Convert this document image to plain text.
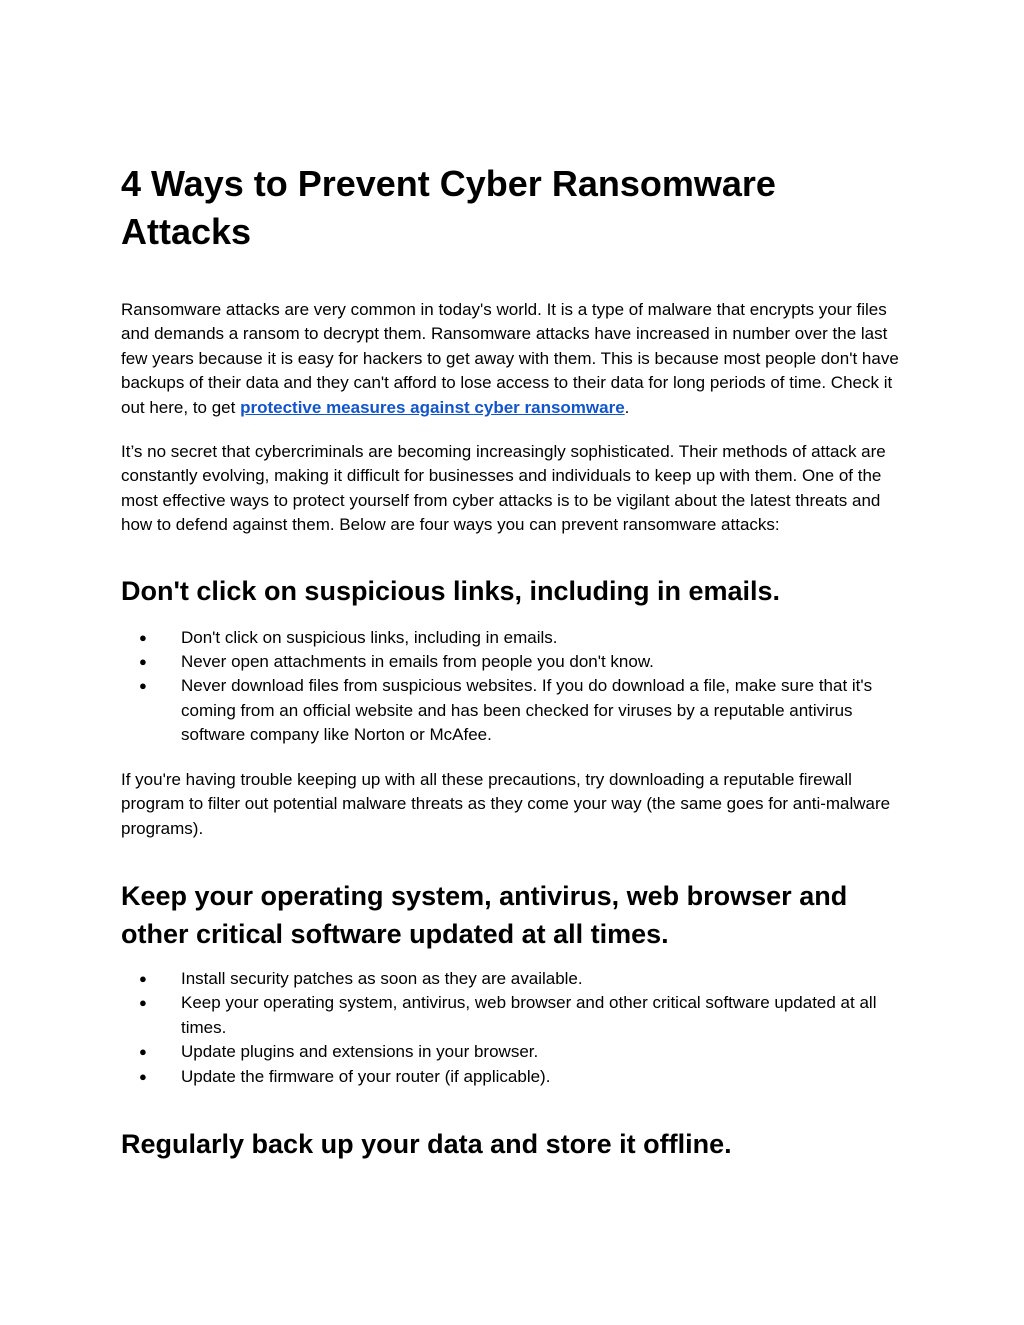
4 Ways to Prevent Cyber Ransomware Attacks

Ransomware attacks are very common in today's world. It is a type of malware that encrypts your files and demands a ransom to decrypt them. Ransomware attacks have increased in number over the last few years because it is easy for hackers to get away with them. This is because most people don't have backups of their data and they can't afford to lose access to their data for long periods of time. Check it out here, to get protective measures against cyber ransomware.

It’s no secret that cybercriminals are becoming increasingly sophisticated. Their methods of attack are constantly evolving, making it difficult for businesses and individuals to keep up with them. One of the most effective ways to protect yourself from cyber attacks is to be vigilant about the latest threats and how to defend against them. Below are four ways you can prevent ransomware attacks:

Don't click on suspicious links, including in emails.
● Don't click on suspicious links, including in emails.
● Never open attachments in emails from people you don't know.
● Never download files from suspicious websites. If you do download a file, make sure that it's coming from an official website and has been checked for viruses by a reputable antivirus software company like Norton or McAfee.

If you're having trouble keeping up with all these precautions, try downloading a reputable firewall program to filter out potential malware threats as they come your way (the same goes for anti-malware programs).

Keep your operating system, antivirus, web browser and other critical software updated at all times.
● Install security patches as soon as they are available.
● Keep your operating system, antivirus, web browser and other critical software updated at all times.
● Update plugins and extensions in your browser.
● Update the firmware of your router (if applicable).
Regularly back up your data and store it offline.
